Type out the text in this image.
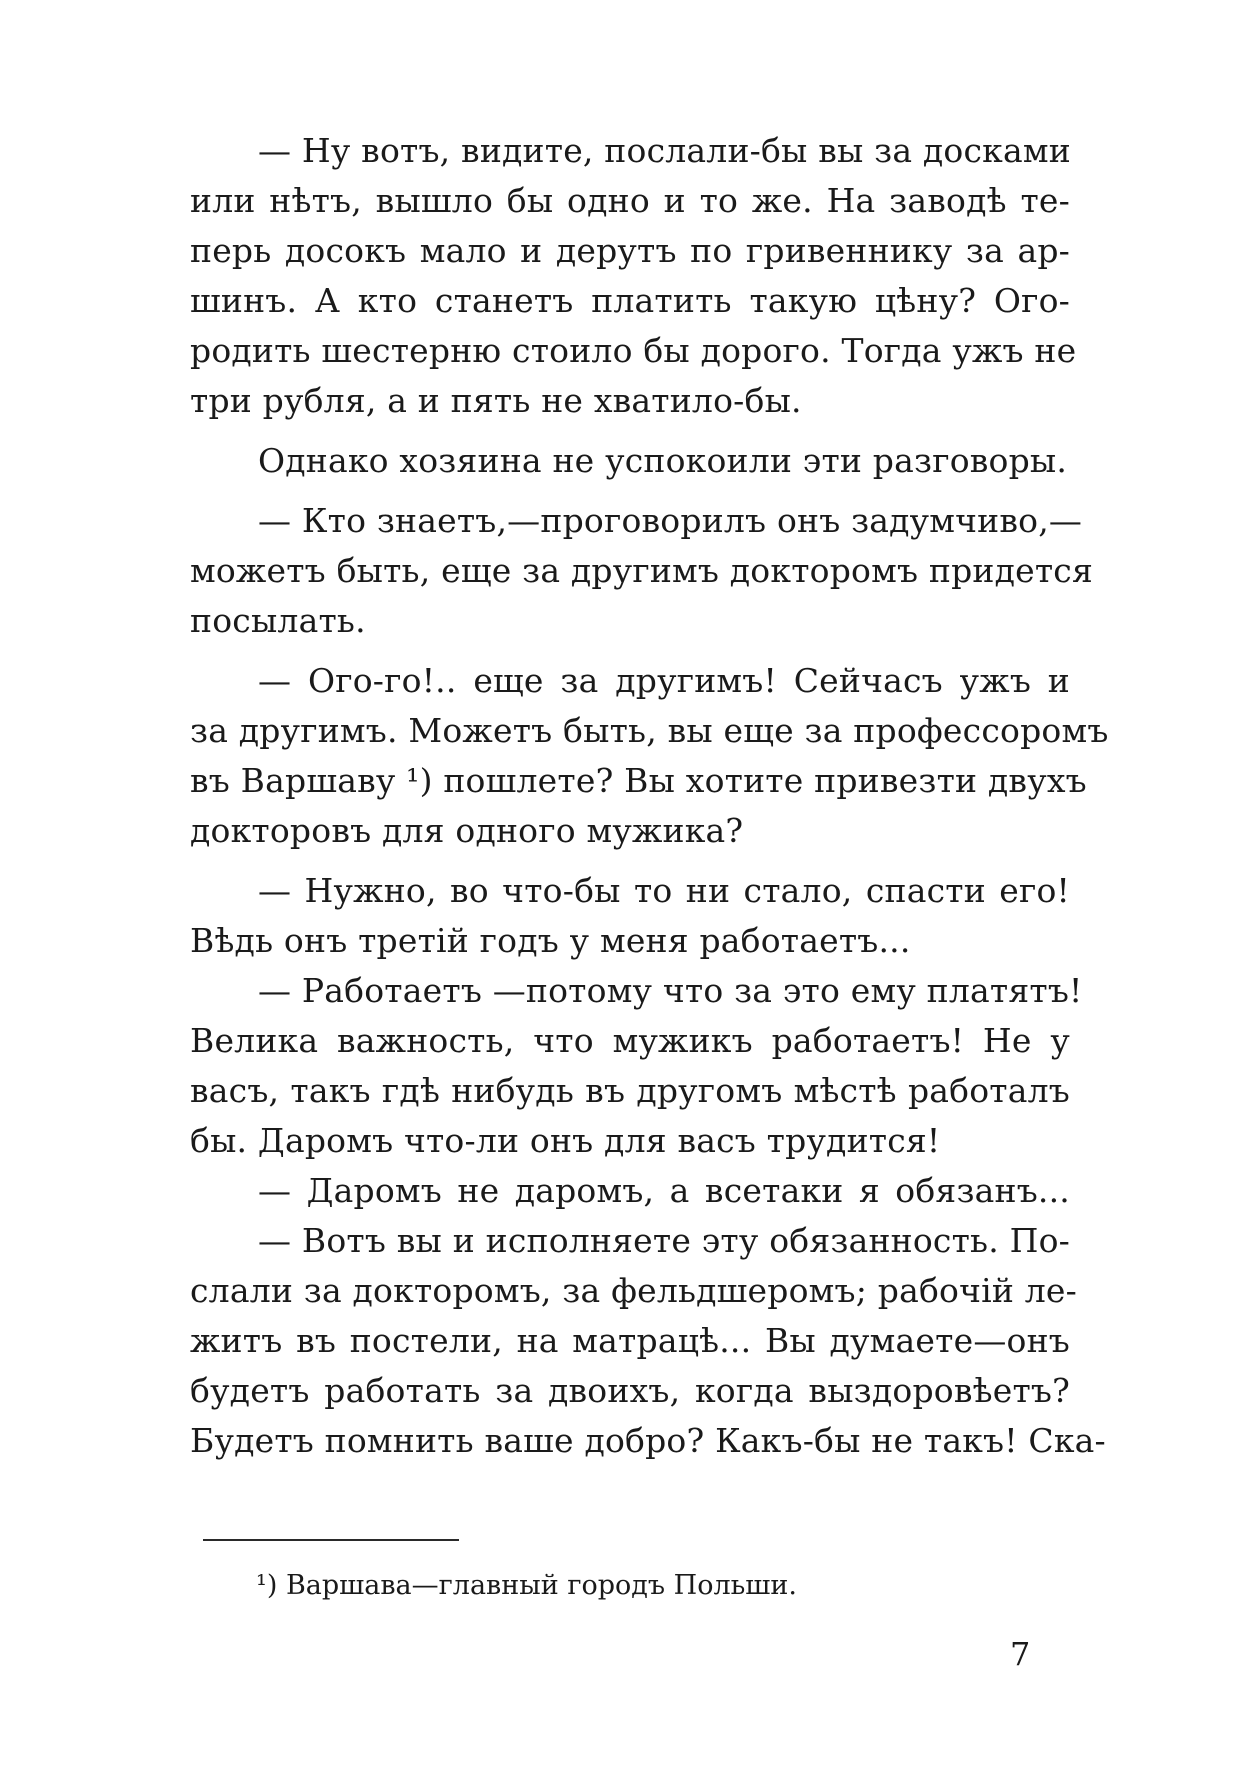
— Ну вотъ, видите, послали-бы вы за досками
или нѣтъ, вышло бы одно и то же. На заводѣ те-
перь досокъ мало и дерутъ по гривеннику за ар-
шинъ. А кто станетъ платить такую цѣну? Ого-
родить шестерню стоило бы дорого. Тогда ужъ не
три рубля, а и пять не хватило-бы.
Однако хозяина не успокоили эти разговоры.
— Кто знаетъ,—проговорилъ онъ задумчиво,—
можетъ быть, еще за другимъ докторомъ придется
посылать.
— Ого-го!.. еще за другимъ! Сейчасъ ужъ и
за другимъ. Можетъ быть, вы еще за профессоромъ
въ Варшаву ¹) пошлете? Вы хотите привезти двухъ
докторовъ для одного мужика?
— Нужно, во что-бы то ни стало, спасти его!
Вѣдь онъ третій годъ у меня работаетъ...
— Работаетъ —потому что за это ему платятъ!
Велика важность, что мужикъ работаетъ! Не у
васъ, такъ гдѣ нибудь въ другомъ мѣстѣ работалъ
бы. Даромъ что-ли онъ для васъ трудится!
— Даромъ не даромъ, а всетаки я обязанъ...
— Вотъ вы и исполняете эту обязанность. По-
слали за докторомъ, за фельдшеромъ; рабочій ле-
житъ въ постели, на матрацѣ... Вы думаете—онъ
будетъ работать за двоихъ, когда выздоровѣетъ?
Будетъ помнить ваше добро? Какъ-бы не такъ! Ска-
¹) Варшава—главный городъ Польши.
7
